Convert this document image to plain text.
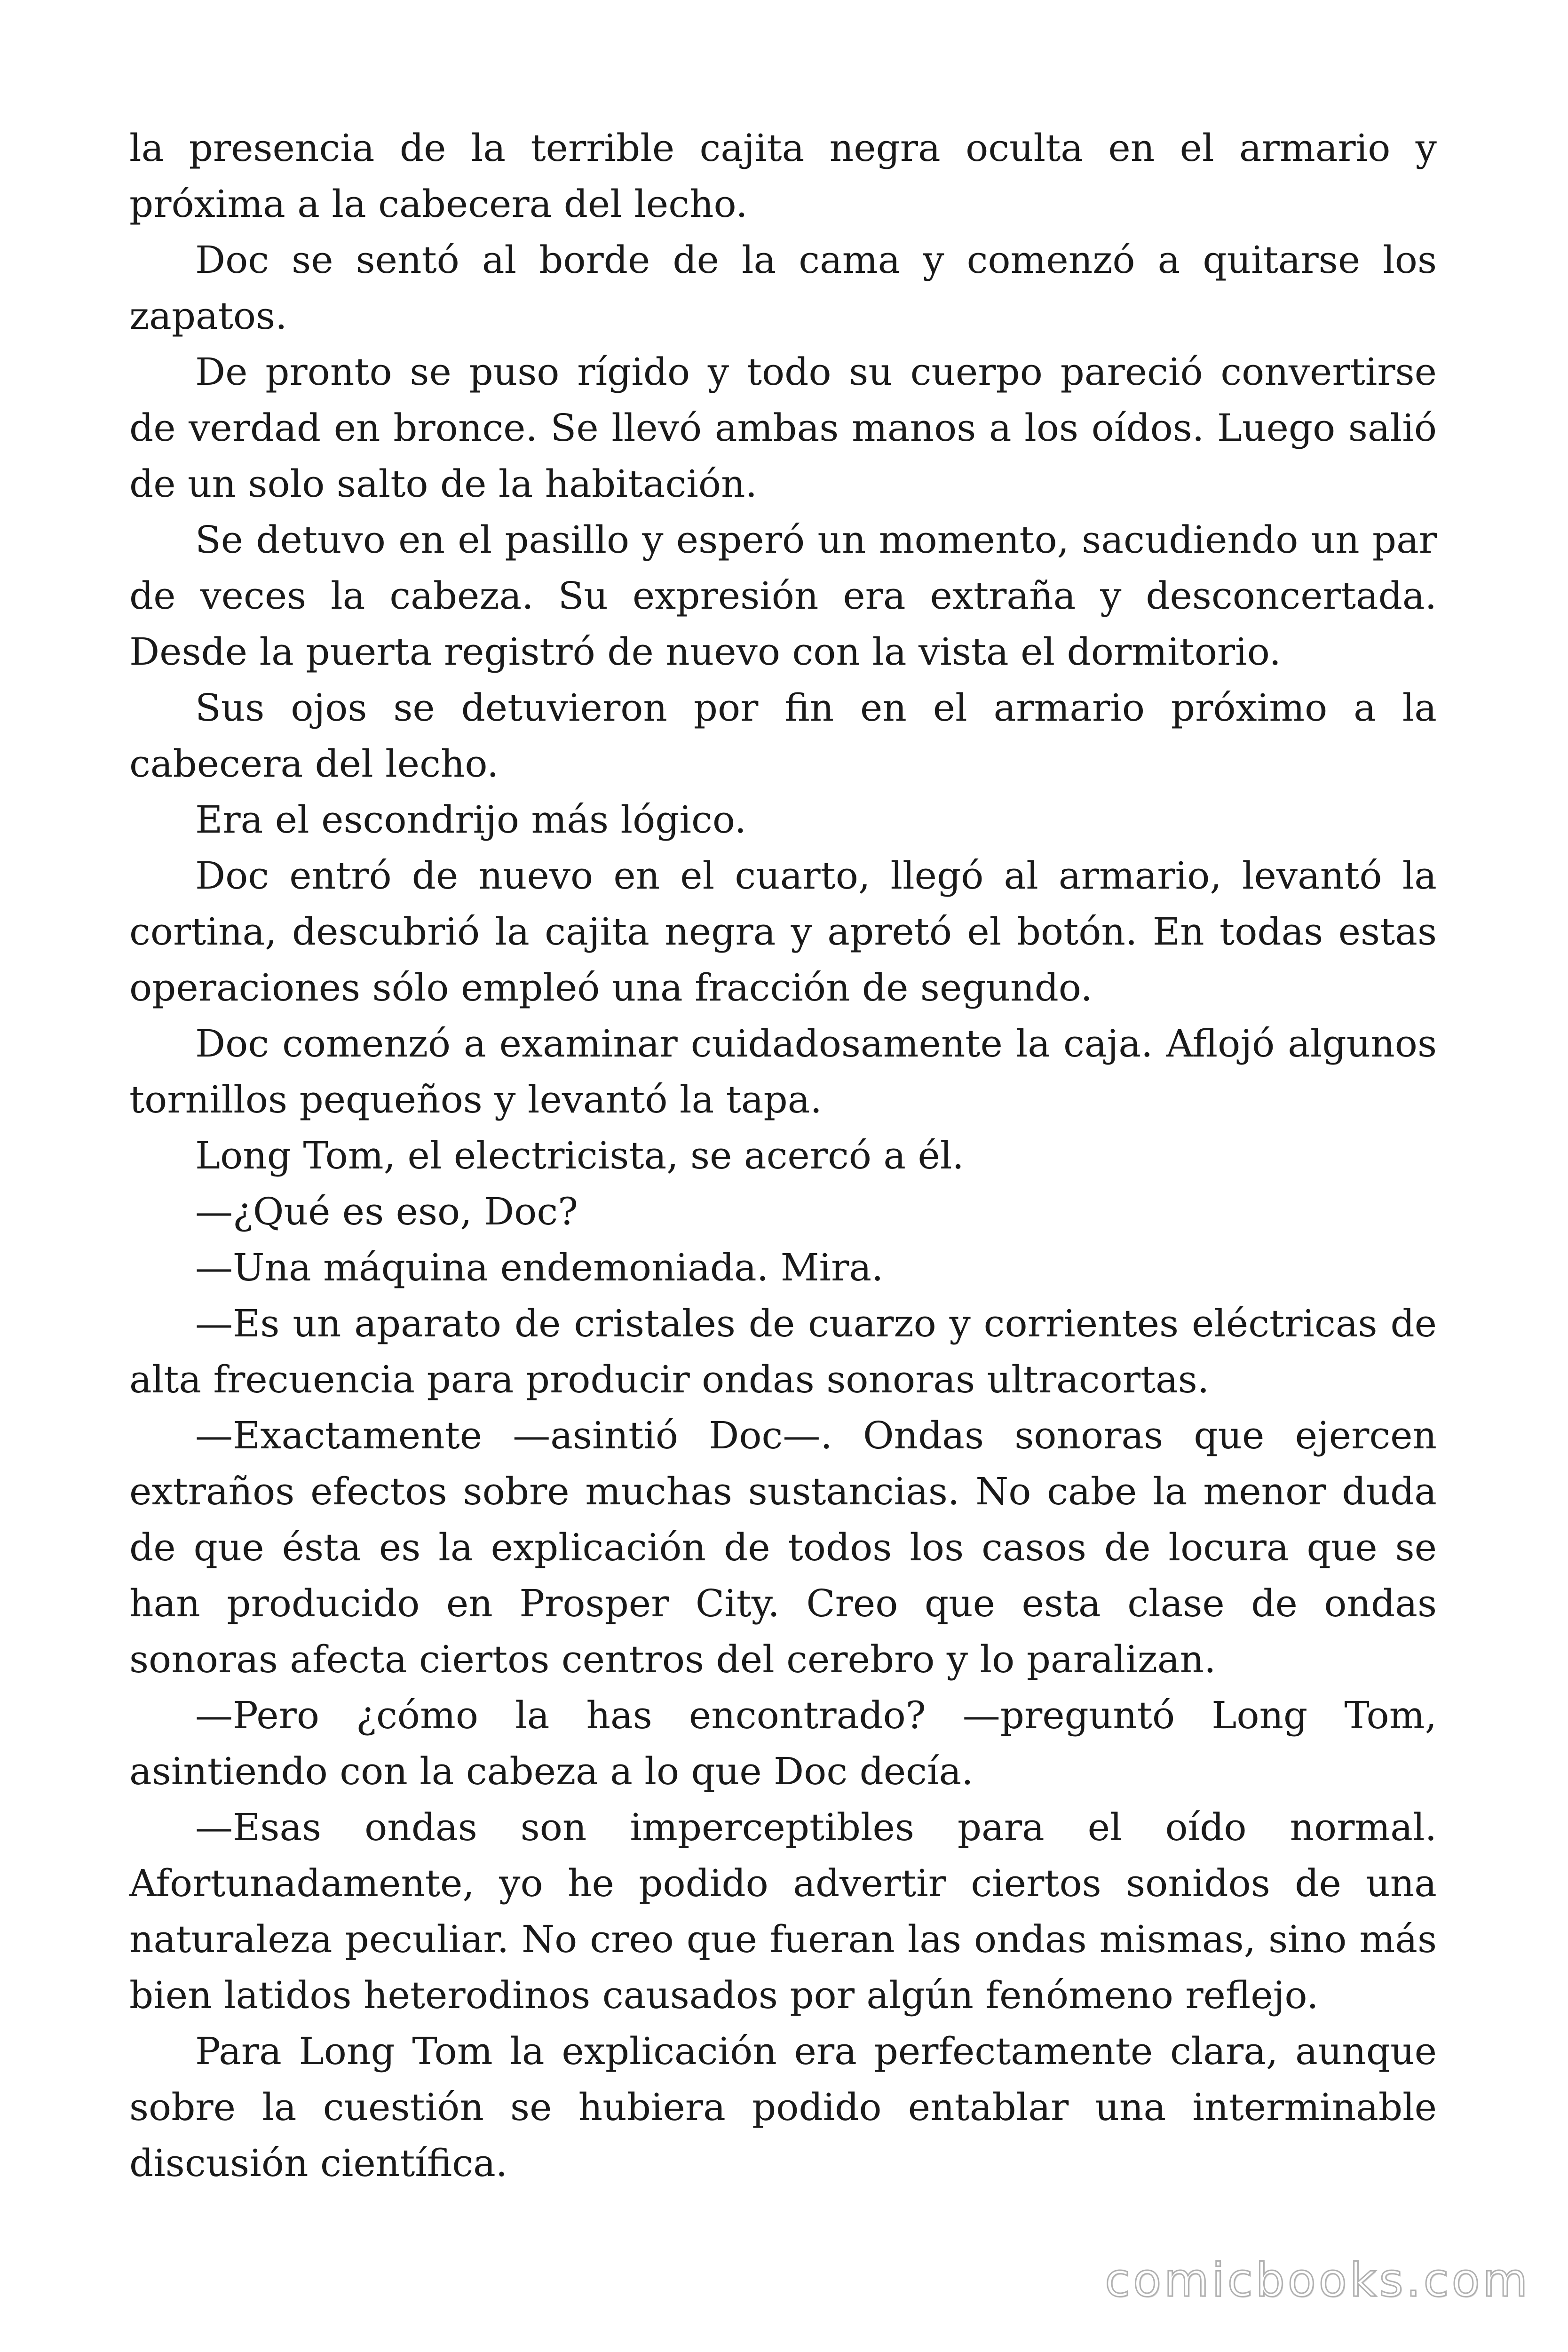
la presencia de la terrible cajita negra oculta en el armario y próxima a la cabecera del lecho.

Doc se sentó al borde de la cama y comenzó a quitarse los zapatos.

De pronto se puso rígido y todo su cuerpo pareció convertirse de verdad en bronce. Se llevó ambas manos a los oídos. Luego salió de un solo salto de la habitación.

Se detuvo en el pasillo y esperó un momento, sacudiendo un par de veces la cabeza. Su expresión era extraña y desconcertada. Desde la puerta registró de nuevo con la vista el dormitorio.

Sus ojos se detuvieron por fin en el armario próximo a la cabecera del lecho.

Era el escondrijo más lógico.

Doc entró de nuevo en el cuarto, llegó al armario, levantó la cortina, descubrió la cajita negra y apretó el botón. En todas estas operaciones sólo empleó una fracción de segundo.

Doc comenzó a examinar cuidadosamente la caja. Aflojó algunos tornillos pequeños y levantó la tapa.

Long Tom, el electricista, se acercó a él.

—¿Qué es eso, Doc?

—Una máquina endemoniada. Mira.

—Es un aparato de cristales de cuarzo y corrientes eléctricas de alta frecuencia para producir ondas sonoras ultracortas.

—Exactamente —asintió Doc—. Ondas sonoras que ejercen extraños efectos sobre muchas sustancias. No cabe la menor duda de que ésta es la explicación de todos los casos de locura que se han producido en Prosper City. Creo que esta clase de ondas sonoras afecta ciertos centros del cerebro y lo paralizan.

—Pero ¿cómo la has encontrado? —preguntó Long Tom, asintiendo con la cabeza a lo que Doc decía.

—Esas ondas son imperceptibles para el oído normal. Afortunadamente, yo he podido advertir ciertos sonidos de una naturaleza peculiar. No creo que fueran las ondas mismas, sino más bien latidos heterodinos causados por algún fenómeno reflejo.

Para Long Tom la explicación era perfectamente clara, aunque sobre la cuestión se hubiera podido entablar una interminable discusión científica.

comicbooks.com
